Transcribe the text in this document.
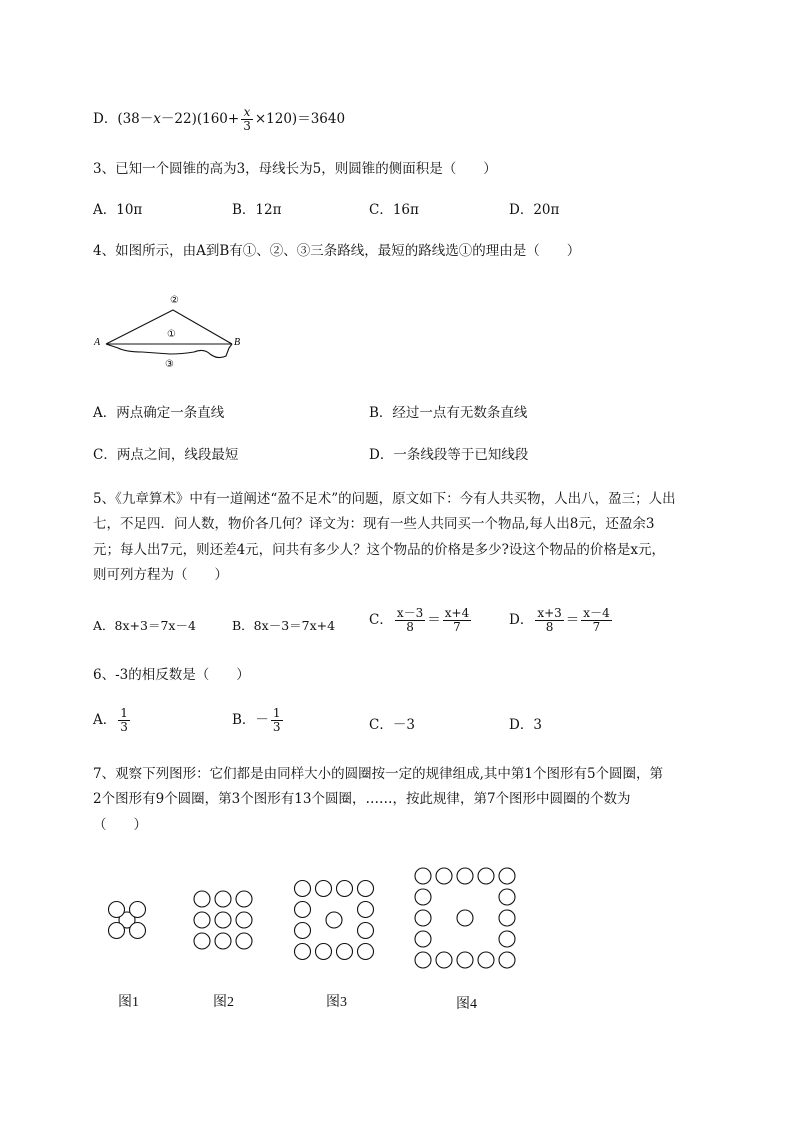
D．$(38-x-22)(160+ \frac{x}{3} \times 120)=3640$
3、已知一个圆锥的高为3，母线长为5，则圆锥的侧面积是（　　）
A．10π	B．12π	C．16π	D．20π
4、如图所示，由A到B有①、②、③三条路线，最短的路线选①的理由是（　　）
A	B
①
②
③
A．两点确定一条直线	B．经过一点有无数条直线
C．两点之间，线段最短	D．一条线段等于已知线段
5、《九章算术》中有一道阐述“盈不足术”的问题，原文如下：今有人共买物，人出八，盈三；人出
七，不足四．问人数，物价各几何？译文为：现有一些人共同买一个物品,每人出8元，还盈余3
元；每人出7元，则还差4元，问共有多少人？这个物品的价格是多少?设这个物品的价格是x元，
则可列方程为（　　）
A．8x+3＝7x－4	B．8x－3＝7x+4	C． $\frac{x-3}{8} = \frac{x+4}{7}$	D． $\frac{x+3}{8} = \frac{x-4}{7}$
6、-3的相反数是（　　）
A． $\frac{1}{3}$	B．－ $\frac{1}{3}$	C．－3	D．3
7、观察下列图形：它们都是由同样大小的圆圈按一定的规律组成,其中第1个图形有5个圆圈，第
2个图形有9个圆圈，第3个图形有13个圆圈，……，按此规律，第7个图形中圆圈的个数为
（　　）
图1	图2	图3	图4
